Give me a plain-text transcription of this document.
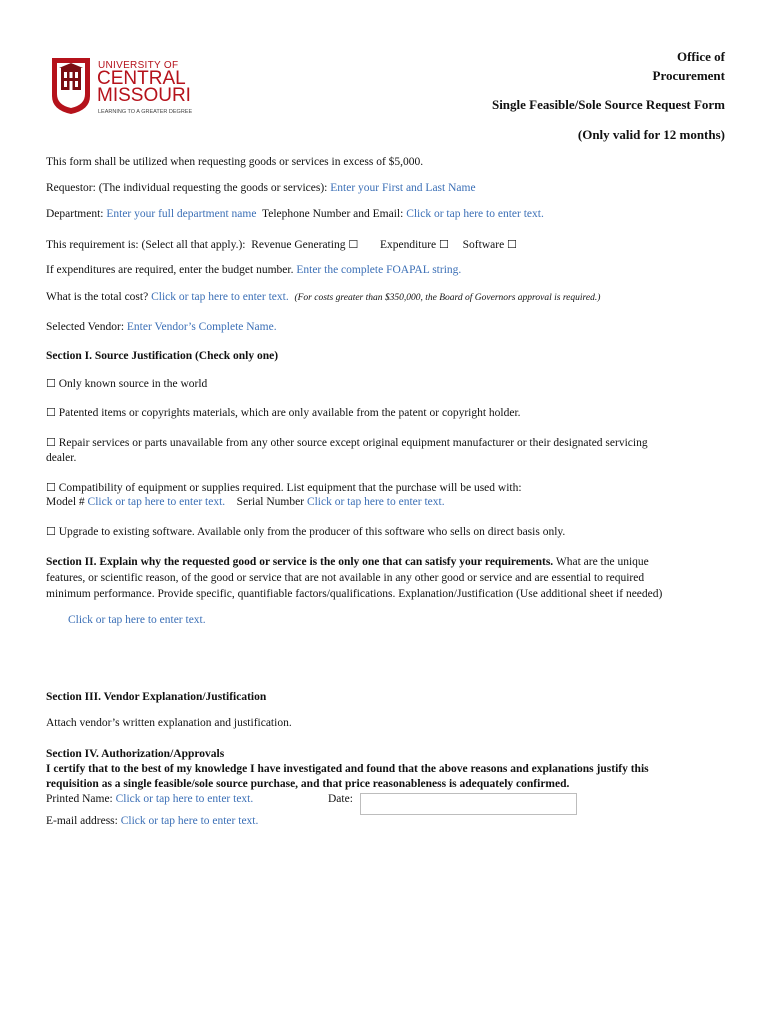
1871
UNIVERSITY OF
CENTRAL
MISSOURI
LEARNING TO A GREATER DEGREE
Office of
Procurement
Single Feasible/Sole Source Request Form
(Only valid for 12 months)
This form shall be utilized when requesting goods or services in excess of $5,000.
Requestor: (The individual requesting the goods or services): Enter your First and Last Name
Department: Enter your full department name Telephone Number and Email: Click or tap here to enter text.
This requirement is: (Select all that apply.): Revenue Generating ☐ Expenditure ☐ Software ☐
If expenditures are required, enter the budget number. Enter the complete FOAPAL string.
What is the total cost? Click or tap here to enter text. (For costs greater than $350,000, the Board of Governors approval is required.)
Selected Vendor: Enter Vendor’s Complete Name.
Section I. Source Justification (Check only one)
☐ Only known source in the world
☐ Patented items or copyrights materials, which are only available from the patent or copyright holder.
☐ Repair services or parts unavailable from any other source except original equipment manufacturer or their designated servicing
dealer.
☐ Compatibility of equipment or supplies required. List equipment that the purchase will be used with:
Model # Click or tap here to enter text. Serial Number Click or tap here to enter text.
☐ Upgrade to existing software. Available only from the producer of this software who sells on direct basis only.
Section II. Explain why the requested good or service is the only one that can satisfy your requirements. What are the unique
features, or scientific reason, of the good or service that are not available in any other good or service and are essential to required
minimum performance. Provide specific, quantifiable factors/qualifications. Explanation/Justification (Use additional sheet if needed)
Click or tap here to enter text.
Section III. Vendor Explanation/Justification
Attach vendor’s written explanation and justification.
Section IV. Authorization/Approvals
I certify that to the best of my knowledge I have investigated and found that the above reasons and explanations justify this
requisition as a single feasible/sole source purchase, and that price reasonableness is adequately confirmed.
Printed Name: Click or tap here to enter text.	Date:
E-mail address: Click or tap here to enter text.
